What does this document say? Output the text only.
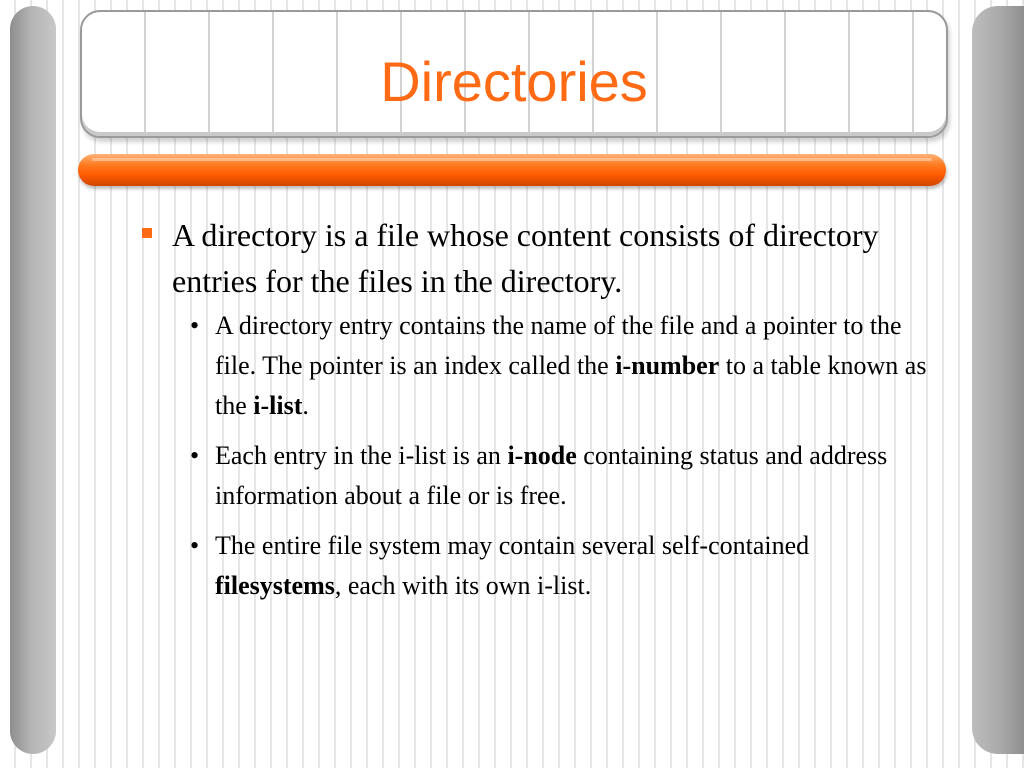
Directories
A directory is a file whose content consists of directory entries for the files in the directory.
• A directory entry contains the name of the file and a pointer to the file. The pointer is an index called the i-number to a table known as the i-list.
• Each entry in the i-list is an i-node containing status and address information about a file or is free.
• The entire file system may contain several self-contained filesystems, each with its own i-list.
